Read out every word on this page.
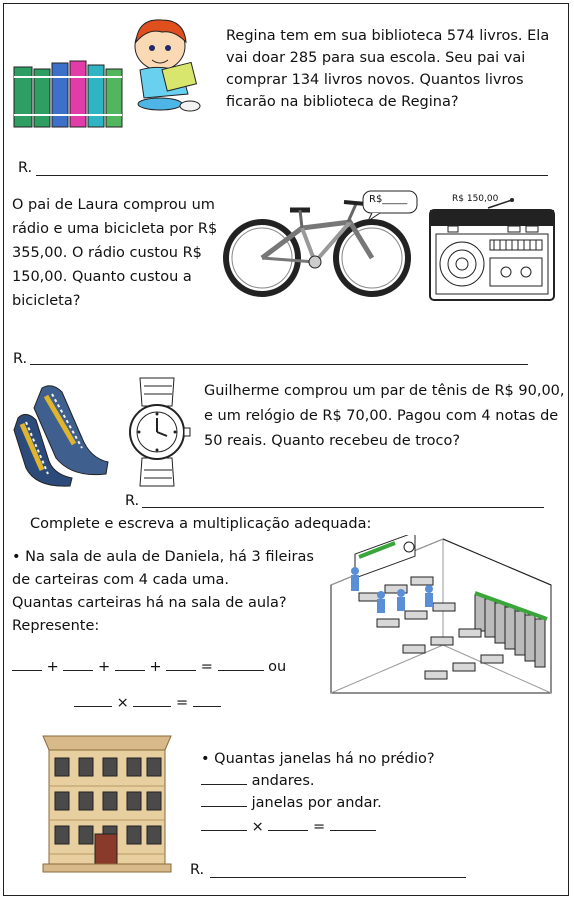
Regina tem em sua biblioteca 574 livros. Ela
vai doar 285 para sua escola. Seu pai vai
comprar 134 livros novos. Quantos livros
ficarão na biblioteca de Regina?
R.
O pai de Laura comprou um
rádio e uma bicicleta por R$
355,00. O rádio custou R$
150,00. Quanto custou a
bicicleta?
R$_____	R$ 150,00
R.
Guilherme comprou um par de tênis de R$ 90,00,
e um relógio de R$ 70,00. Pagou com 4 notas de
50 reais. Quanto recebeu de troco?
R.
Complete e escreva a multiplicação adequada:
• Na sala de aula de Daniela, há 3 fileiras
de carteiras com 4 cada uma.
Quantas carteiras há na sala de aula?
Represente:
+	+	+	=	ou
×	=
• Quantas janelas há no prédio?
andares.
janelas por andar.
×	=
R.
